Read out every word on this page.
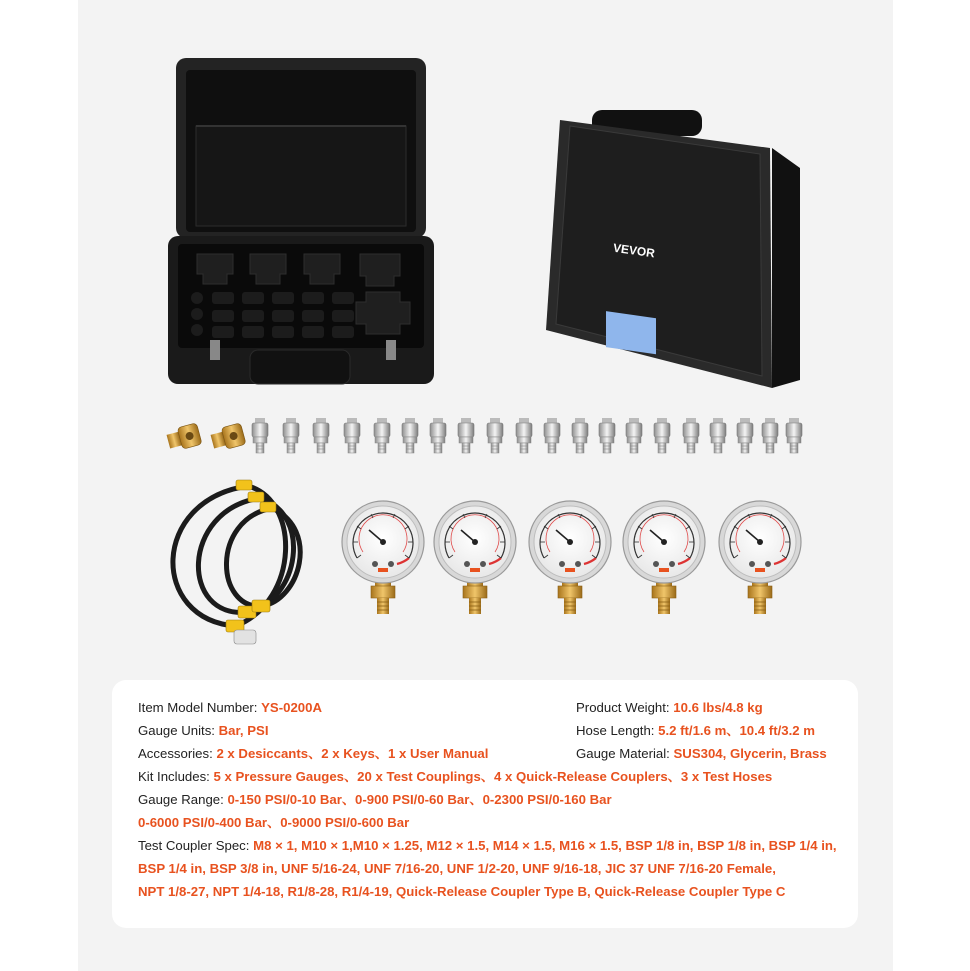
VEVOR
Item Model Number: YS-0200A	Product Weight: 10.6 lbs/4.8 kg
Gauge Units: Bar, PSI	Hose Length: 5.2 ft/1.6 m、10.4 ft/3.2 m
Accessories: 2 x Desiccants、2 x Keys、1 x User Manual	Gauge Material: SUS304, Glycerin, Brass
Kit Includes: 5 x Pressure Gauges、20 x Test Couplings、4 x Quick-Release Couplers、3 x Test Hoses
Gauge Range: 0-150 PSI/0-10 Bar、0-900 PSI/0-60 Bar、0-2300 PSI/0-160 Bar
0-6000 PSI/0-400 Bar、0-9000 PSI/0-600 Bar
Test Coupler Spec: M8 × 1, M10 × 1,M10 × 1.25, M12 × 1.5, M14 × 1.5, M16 × 1.5, BSP 1/8 in, BSP 1/8 in, BSP 1/4 in,
BSP 1/4 in, BSP 3/8 in, UNF 5/16-24, UNF 7/16-20, UNF 1/2-20, UNF 9/16-18, JIC 37 UNF 7/16-20 Female,
NPT 1/8-27, NPT 1/4-18, R1/8-28, R1/4-19, Quick-Release Coupler Type B, Quick-Release Coupler Type C
